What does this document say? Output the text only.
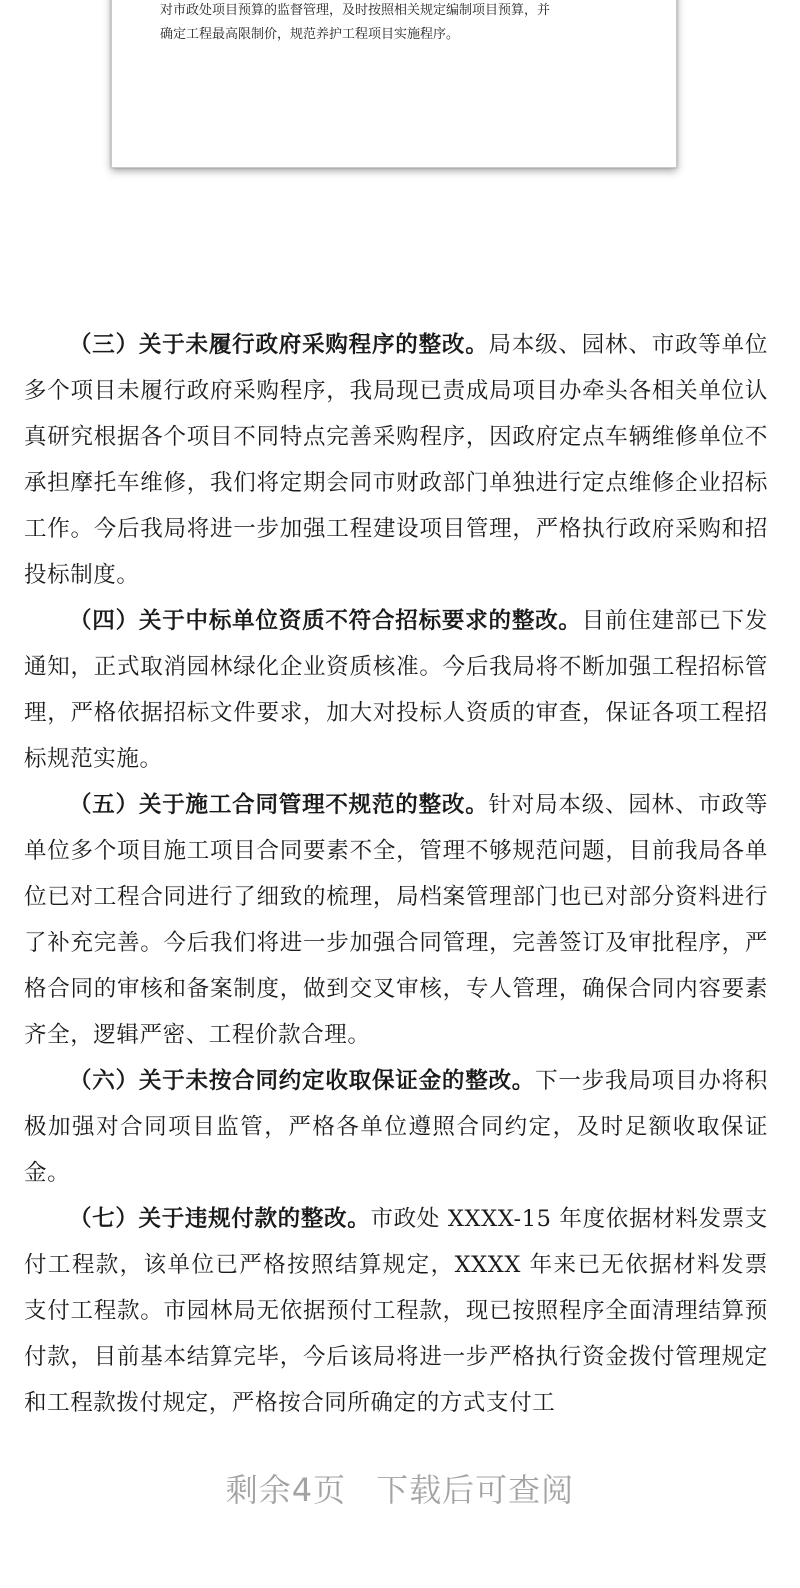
对市政处项目预算的监督管理，及时按照相关规定编制项目预算，并
确定工程最高限制价，规范养护工程项目实施程序。

（三）关于未履行政府采购程序的整改。局本级、园林、市政等单位多个项目未履行政府采购程序，我局现已责成局项目办牵头各相关单位认真研究根据各个项目不同特点完善采购程序，因政府定点车辆维修单位不承担摩托车维修，我们将定期会同市财政部门单独进行定点维修企业招标工作。今后我局将进一步加强工程建设项目管理，严格执行政府采购和招投标制度。

（四）关于中标单位资质不符合招标要求的整改。目前住建部已下发通知，正式取消园林绿化企业资质核准。今后我局将不断加强工程招标管理，严格依据招标文件要求，加大对投标人资质的审查，保证各项工程招标规范实施。

（五）关于施工合同管理不规范的整改。针对局本级、园林、市政等单位多个项目施工项目合同要素不全，管理不够规范问题，目前我局各单位已对工程合同进行了细致的梳理，局档案管理部门也已对部分资料进行了补充完善。今后我们将进一步加强合同管理，完善签订及审批程序，严格合同的审核和备案制度，做到交叉审核，专人管理，确保合同内容要素齐全，逻辑严密、工程价款合理。

（六）关于未按合同约定收取保证金的整改。下一步我局项目办将积极加强对合同项目监管，严格各单位遵照合同约定，及时足额收取保证金。

（七）关于违规付款的整改。市政处 XXXX-15 年度依据材料发票支付工程款，该单位已严格按照结算规定，XXXX 年来已无依据材料发票支付工程款。市园林局无依据预付工程款，现已按照程序全面清理结算预付款，目前基本结算完毕，今后该局将进一步严格执行资金拨付管理规定和工程款拨付规定，严格按合同所确定的方式支付工

剩余4页 下载后可查阅
